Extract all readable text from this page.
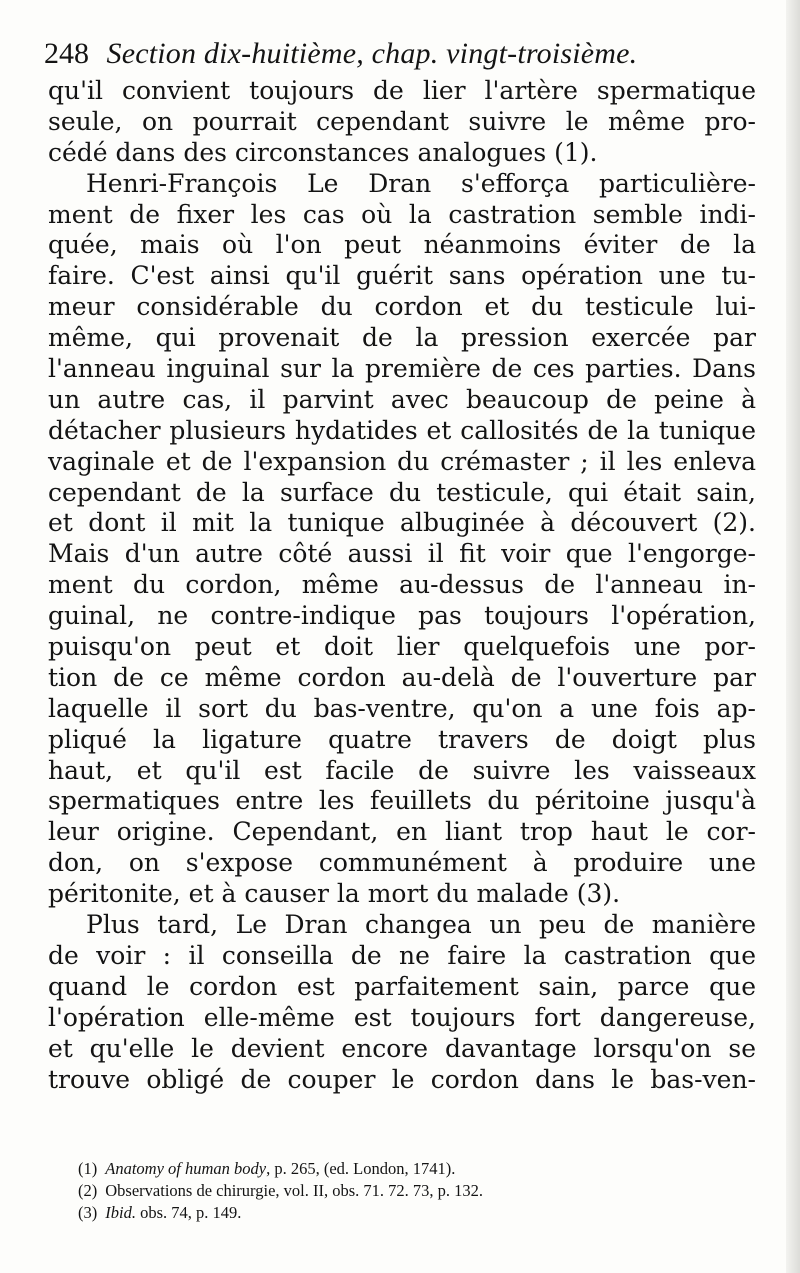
248 Section dix-huitième, chap. vingt-troisième.
qu'il convient toujours de lier l'artère spermatique
seule, on pourrait cependant suivre le même pro-
cédé dans des circonstances analogues (1).
Henri-François Le Dran s'efforça particulière-
ment de fixer les cas où la castration semble indi-
quée, mais où l'on peut néanmoins éviter de la
faire. C'est ainsi qu'il guérit sans opération une tu-
meur considérable du cordon et du testicule lui-
même, qui provenait de la pression exercée par
l'anneau inguinal sur la première de ces parties. Dans
un autre cas, il parvint avec beaucoup de peine à
détacher plusieurs hydatides et callosités de la tunique
vaginale et de l'expansion du crémaster ; il les enleva
cependant de la surface du testicule, qui était sain,
et dont il mit la tunique albuginée à découvert (2).
Mais d'un autre côté aussi il fit voir que l'engorge-
ment du cordon, même au-dessus de l'anneau in-
guinal, ne contre-indique pas toujours l'opération,
puisqu'on peut et doit lier quelquefois une por-
tion de ce même cordon au-delà de l'ouverture par
laquelle il sort du bas-ventre, qu'on a une fois ap-
pliqué la ligature quatre travers de doigt plus
haut, et qu'il est facile de suivre les vaisseaux
spermatiques entre les feuillets du péritoine jusqu'à
leur origine. Cependant, en liant trop haut le cor-
don, on s'expose communément à produire une
péritonite, et à causer la mort du malade (3).
Plus tard, Le Dran changea un peu de manière
de voir : il conseilla de ne faire la castration que
quand le cordon est parfaitement sain, parce que
l'opération elle-même est toujours fort dangereuse,
et qu'elle le devient encore davantage lorsqu'on se
trouve obligé de couper le cordon dans le bas-ven-
(1) Anatomy of human body, p. 265, (ed. London, 1741).
(2) Observations de chirurgie, vol. II, obs. 71. 72. 73, p. 132.
(3) Ibid. obs. 74, p. 149.
